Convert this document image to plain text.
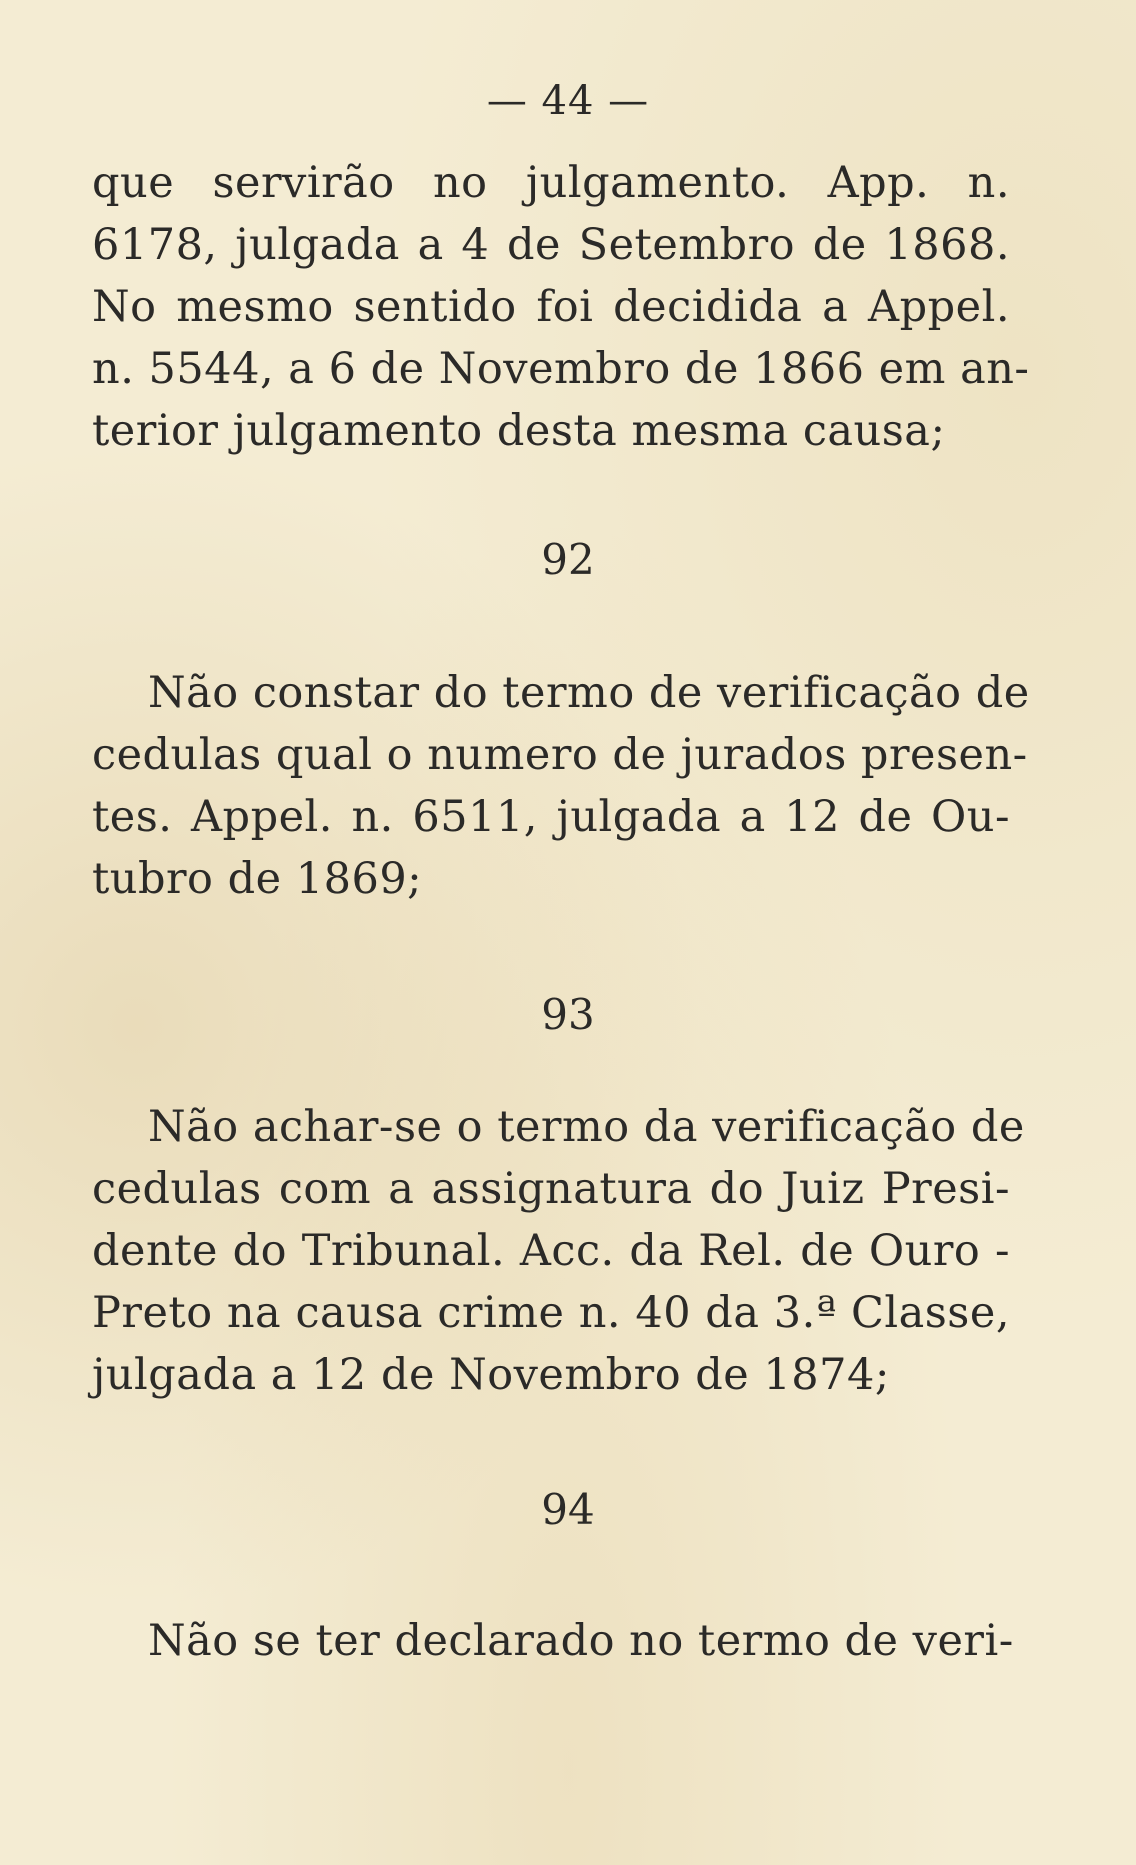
— 44 —
que servirão no julgamento. App. n.
6178, julgada a 4 de Setembro de 1868.
No mesmo sentido foi decidida a Appel.
n. 5544, a 6 de Novembro de 1866 em an-
terior julgamento desta mesma causa;
92
Não constar do termo de verificação de
cedulas qual o numero de jurados presen-
tes. Appel. n. 6511, julgada a 12 de Ou-
tubro de 1869;
93
Não achar-se o termo da verificação de
cedulas com a assignatura do Juiz Presi-
dente do Tribunal. Acc. da Rel. de Ouro -
Preto na causa crime n. 40 da 3.ª Classe,
julgada a 12 de Novembro de 1874;
94
Não se ter declarado no termo de veri-
